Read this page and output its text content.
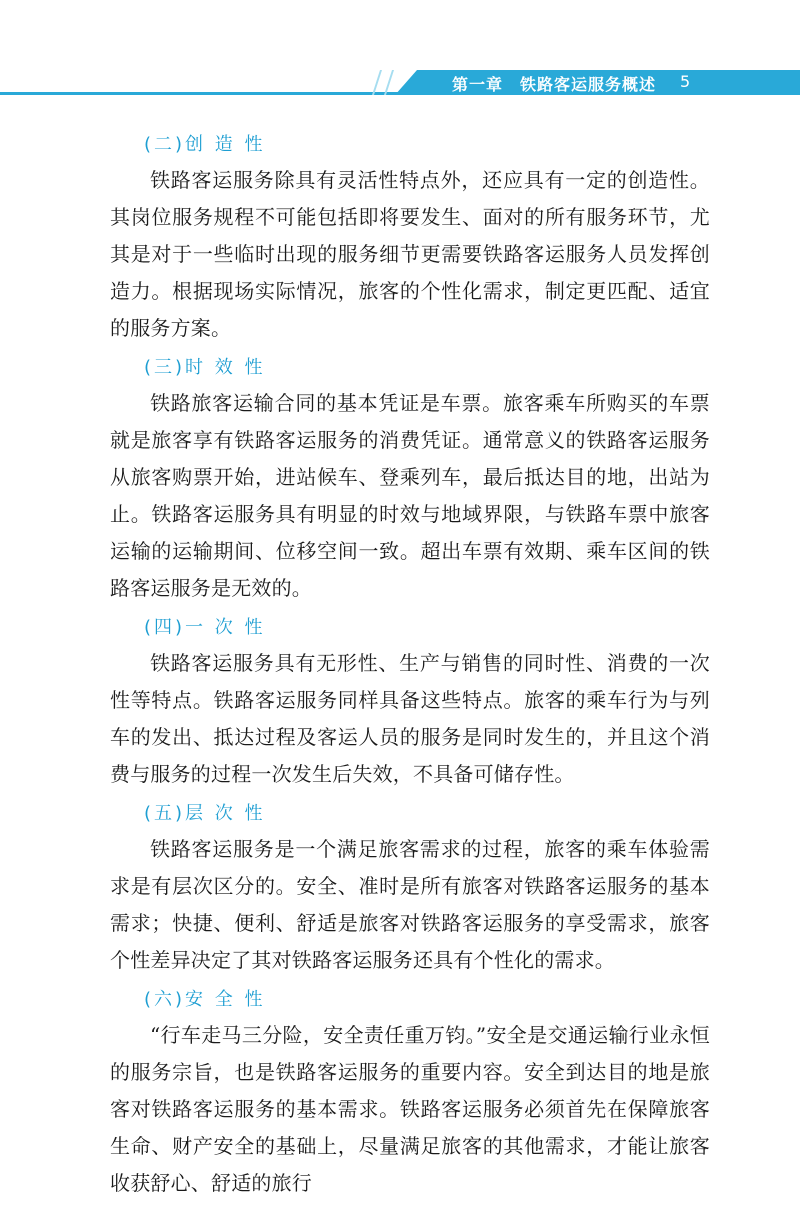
第一章　铁路客运服务概述 5
(二)创 造 性

铁路客运服务除具有灵活性特点外，还应具有一定的创造性。其岗位服务规程不可能包括即将要发生、面对的所有服务环节，尤其是对于一些临时出现的服务细节更需要铁路客运服务人员发挥创造力。根据现场实际情况，旅客的个性化需求，制定更匹配、适宜的服务方案。

(三)时 效 性

铁路旅客运输合同的基本凭证是车票。旅客乘车所购买的车票就是旅客享有铁路客运服务的消费凭证。通常意义的铁路客运服务从旅客购票开始，进站候车、登乘列车，最后抵达目的地，出站为止。铁路客运服务具有明显的时效与地域界限，与铁路车票中旅客运输的运输期间、位移空间一致。超出车票有效期、乘车区间的铁路客运服务是无效的。

(四)一 次 性

铁路客运服务具有无形性、生产与销售的同时性、消费的一次性等特点。铁路客运服务同样具备这些特点。旅客的乘车行为与列车的发出、抵达过程及客运人员的服务是同时发生的，并且这个消费与服务的过程一次发生后失效，不具备可储存性。

(五)层 次 性

铁路客运服务是一个满足旅客需求的过程，旅客的乘车体验需求是有层次区分的。安全、准时是所有旅客对铁路客运服务的基本需求；快捷、便利、舒适是旅客对铁路客运服务的享受需求，旅客个性差异决定了其对铁路客运服务还具有个性化的需求。

(六)安 全 性

“行车走马三分险，安全责任重万钧。”安全是交通运输行业永恒的服务宗旨，也是铁路客运服务的重要内容。安全到达目的地是旅客对铁路客运服务的基本需求。铁路客运服务必须首先在保障旅客生命、财产安全的基础上，尽量满足旅客的其他需求，才能让旅客收获舒心、舒适的旅行
